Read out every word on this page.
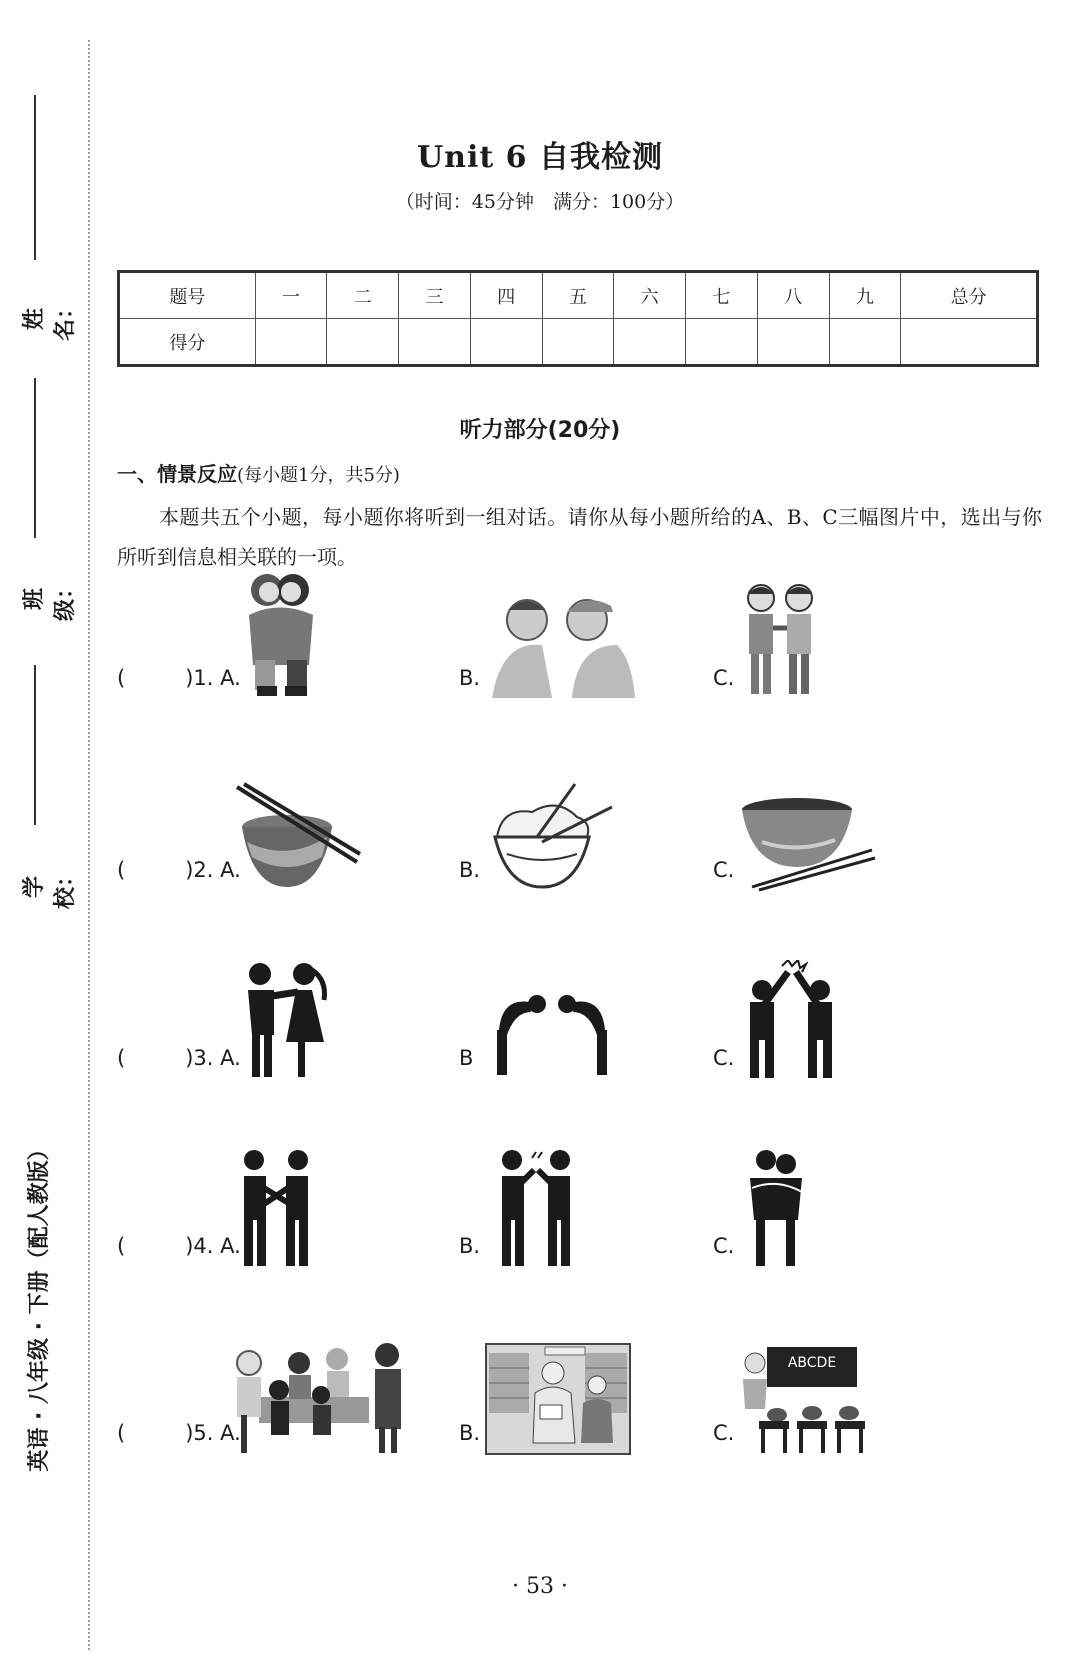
姓名：
班级：
学校：
英语 · 八年级 · 下册（配人教版）
Unit 6 自我检测
（时间：45分钟　满分：100分）
题号	一	二	三	四	五	六	七	八	九	总分
得分										
听力部分(20分)
一、情景反应(每小题1分，共5分)
本题共五个小题，每小题你将听到一组对话。请你从每小题所给的A、B、C三幅图片中，选出与你所听到信息相关联的一项。
(	)1. A.	B.	C.
(	)2. A.	B.	C.
(	)3. A.	B	C.
(	)4. A.	B.	C.
(	)5. A.	B.	C.
ABCDE
· 53 ·
